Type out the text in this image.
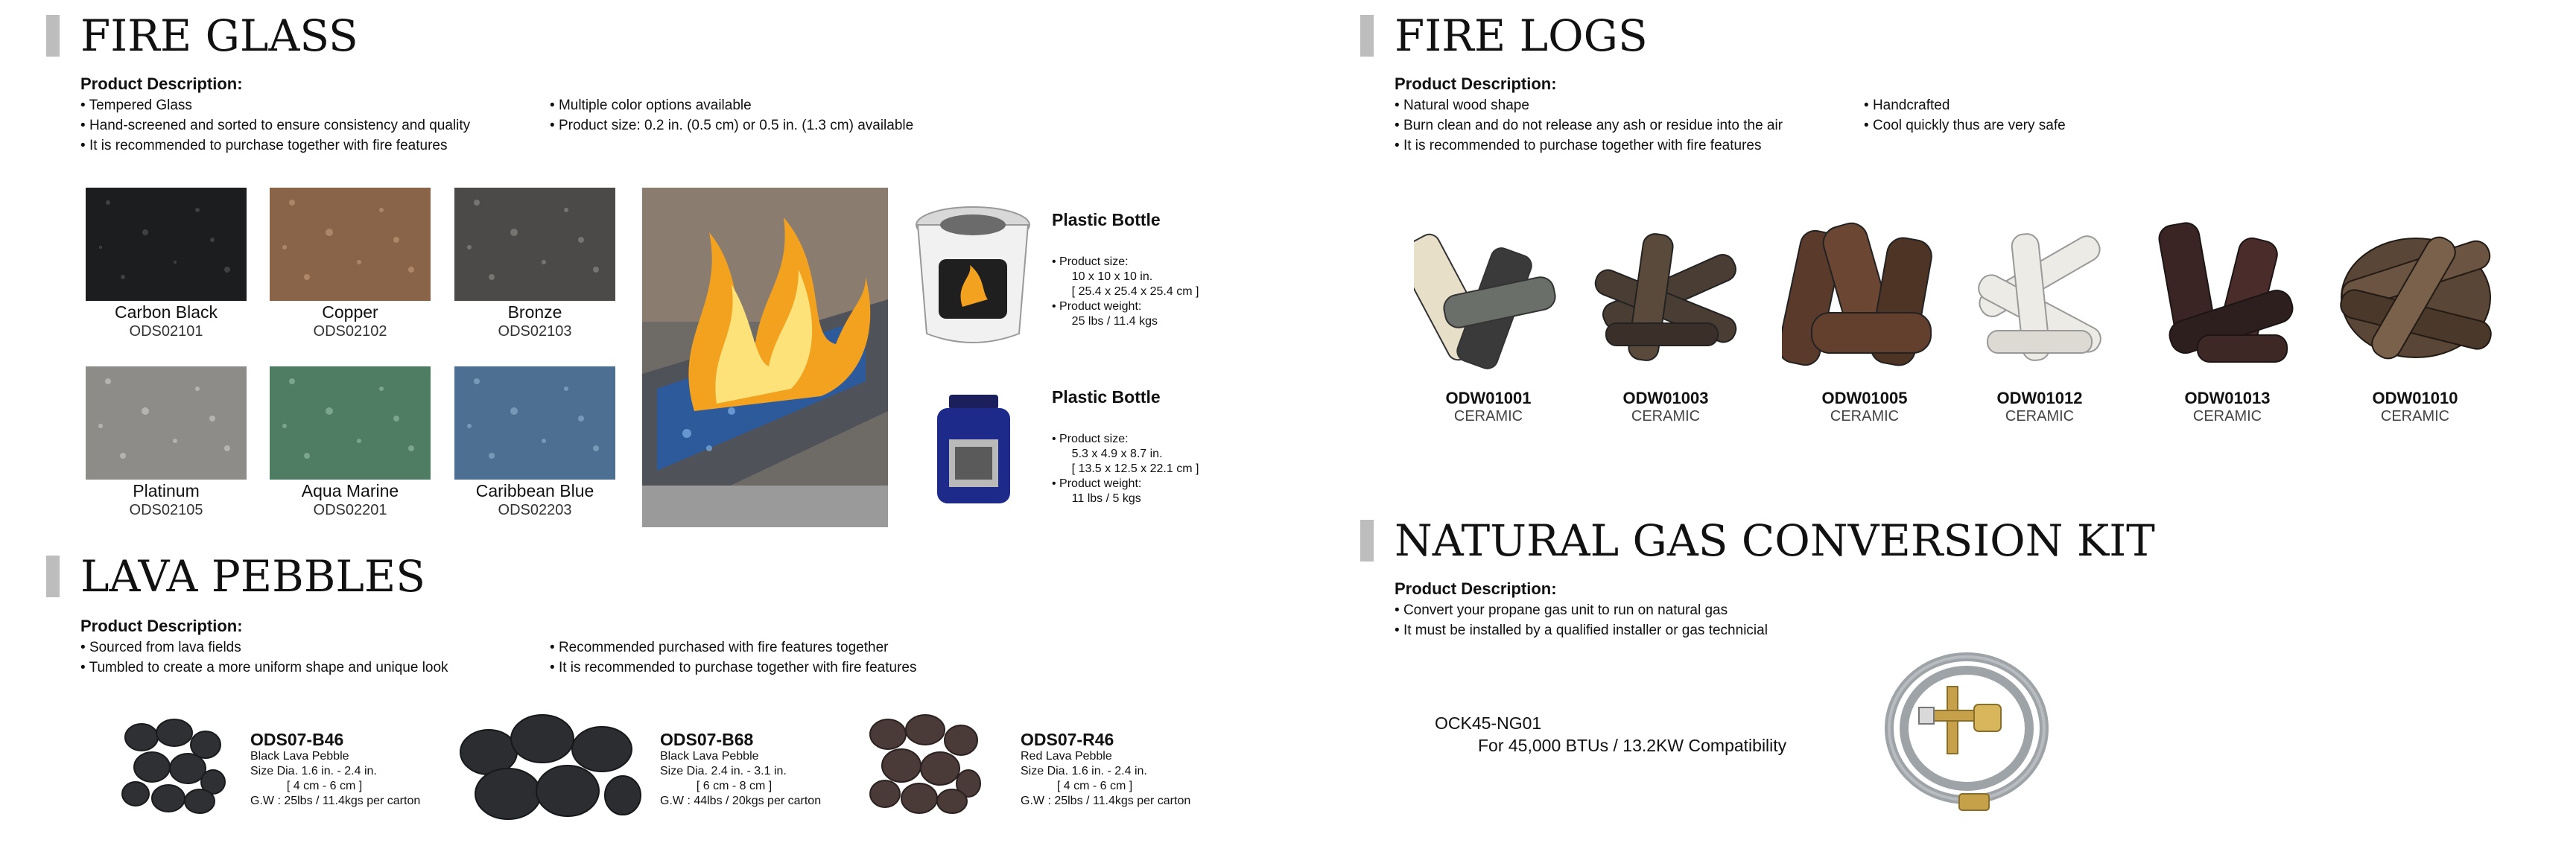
FIRE GLASS
Product Description:
• Tempered Glass
• Hand-screened and sorted to ensure consistency and quality
• It is recommended to purchase together with fire features
• Multiple color options available
• Product size: 0.2 in. (0.5 cm) or 0.5 in. (1.3 cm) available
Carbon Black
ODS02101
Copper
ODS02102
Bronze
ODS02103
Platinum
ODS02105
Aqua Marine
ODS02201
Caribbean Blue
ODS02203
Plastic Bottle
• Product size:
10 x 10 x 10 in.
[ 25.4 x 25.4 x 25.4 cm ]
• Product weight:
25 lbs / 11.4 kgs
Plastic Bottle
• Product size:
5.3 x 4.9 x 8.7 in.
[ 13.5 x 12.5 x 22.1 cm ]
• Product weight:
11 lbs / 5 kgs
LAVA PEBBLES
Product Description:
• Sourced from lava fields
• Tumbled to create a more uniform shape and unique look
• Recommended purchased with fire features together
• It is recommended to purchase together with fire features
ODS07-B46
Black Lava Pebble
Size Dia. 1.6 in. - 2.4 in.
[ 4 cm - 6 cm ]
G.W : 25lbs / 11.4kgs per carton
ODS07-B68
Black Lava Pebble
Size Dia. 2.4 in. - 3.1 in.
[ 6 cm - 8 cm ]
G.W : 44lbs / 20kgs per carton
ODS07-R46
Red Lava Pebble
Size Dia. 1.6 in. - 2.4 in.
[ 4 cm - 6 cm ]
G.W : 25lbs / 11.4kgs per carton
FIRE LOGS
Product Description:
• Natural wood shape
• Burn clean and do not release any ash or residue into the air
• It is recommended to purchase together with fire features
• Handcrafted
• Cool quickly thus are very safe
ODW01001
CERAMIC
ODW01003
CERAMIC
ODW01005
CERAMIC
ODW01012
CERAMIC
ODW01013
CERAMIC
ODW01010
CERAMIC
NATURAL GAS CONVERSION KIT
Product Description:
• Convert your propane gas unit to run on natural gas
• It must be installed by a qualified installer or gas technicial
OCK45-NG01
For 45,000 BTUs / 13.2KW Compatibility
